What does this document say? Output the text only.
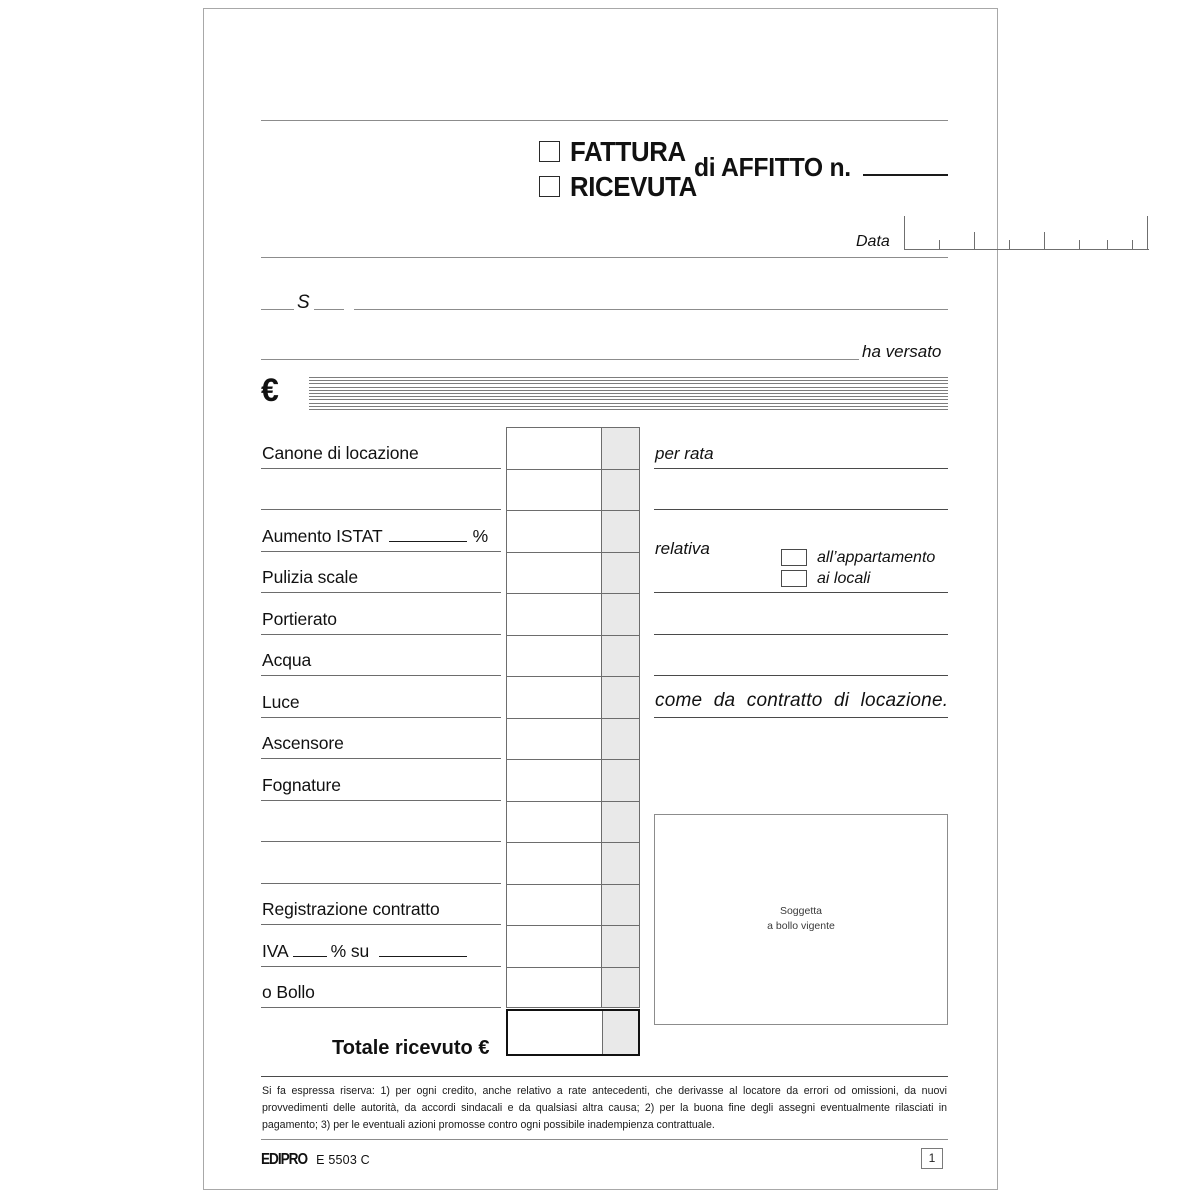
FATTURA
RICEVUTA
di AFFITTO n.
Data
S
ha versato
€
Canone di locazione
Aumento ISTAT	%
Pulizia scale
Portierato
Acqua
Luce
Ascensore
Fognature
Registrazione contratto
IVA % su
o Bollo
Totale ricevuto €
per rata
relativa	all’appartamento
ai locali
come da contratto di locazione.
Soggetta
a bollo vigente
Si fa espressa riserva: 1) per ogni credito, anche relativo a rate antecedenti, che derivasse al locatore da errori od omissioni, da nuovi provvedimenti delle autorità, da accordi sindacali e da qualsiasi altra causa; 2) per la buona fine degli assegni eventualmente rilasciati in pagamento; 3) per le eventuali azioni promosse contro ogni possibile inadempienza contrattuale.
EDIPRO E 5503 C	1
